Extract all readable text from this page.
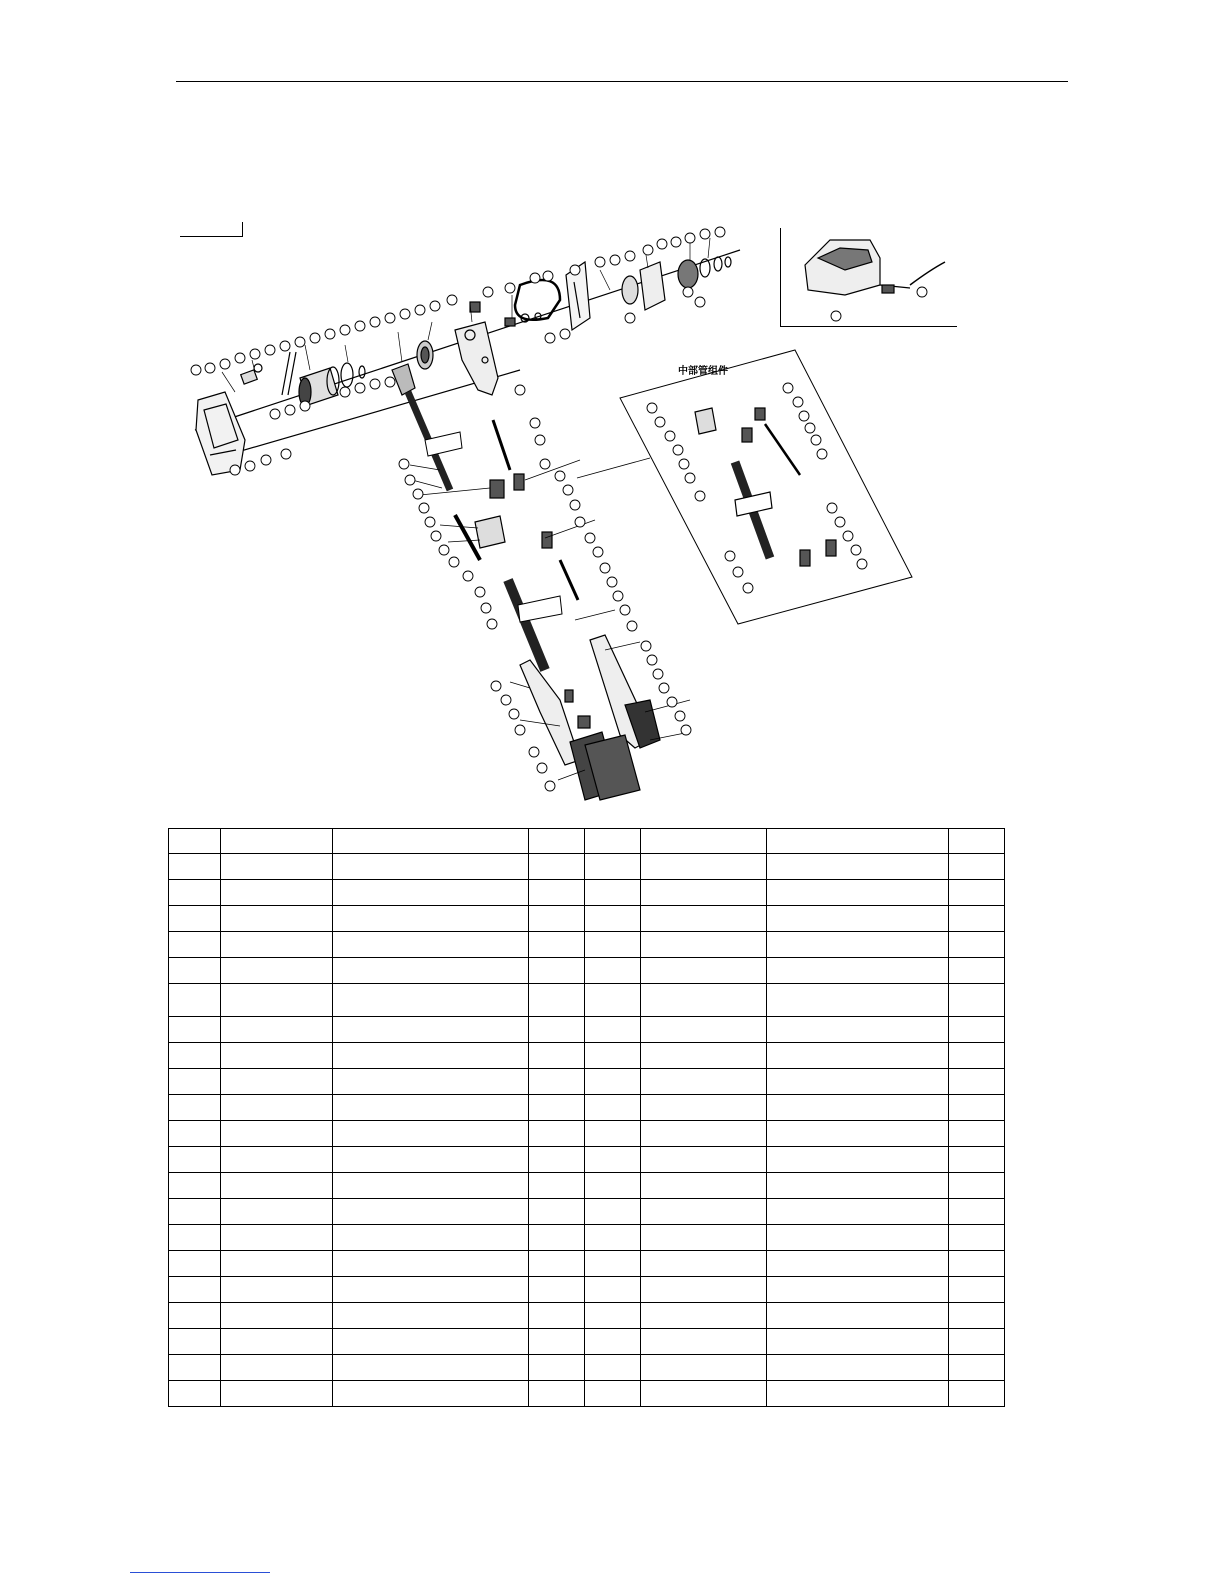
中部管组件
